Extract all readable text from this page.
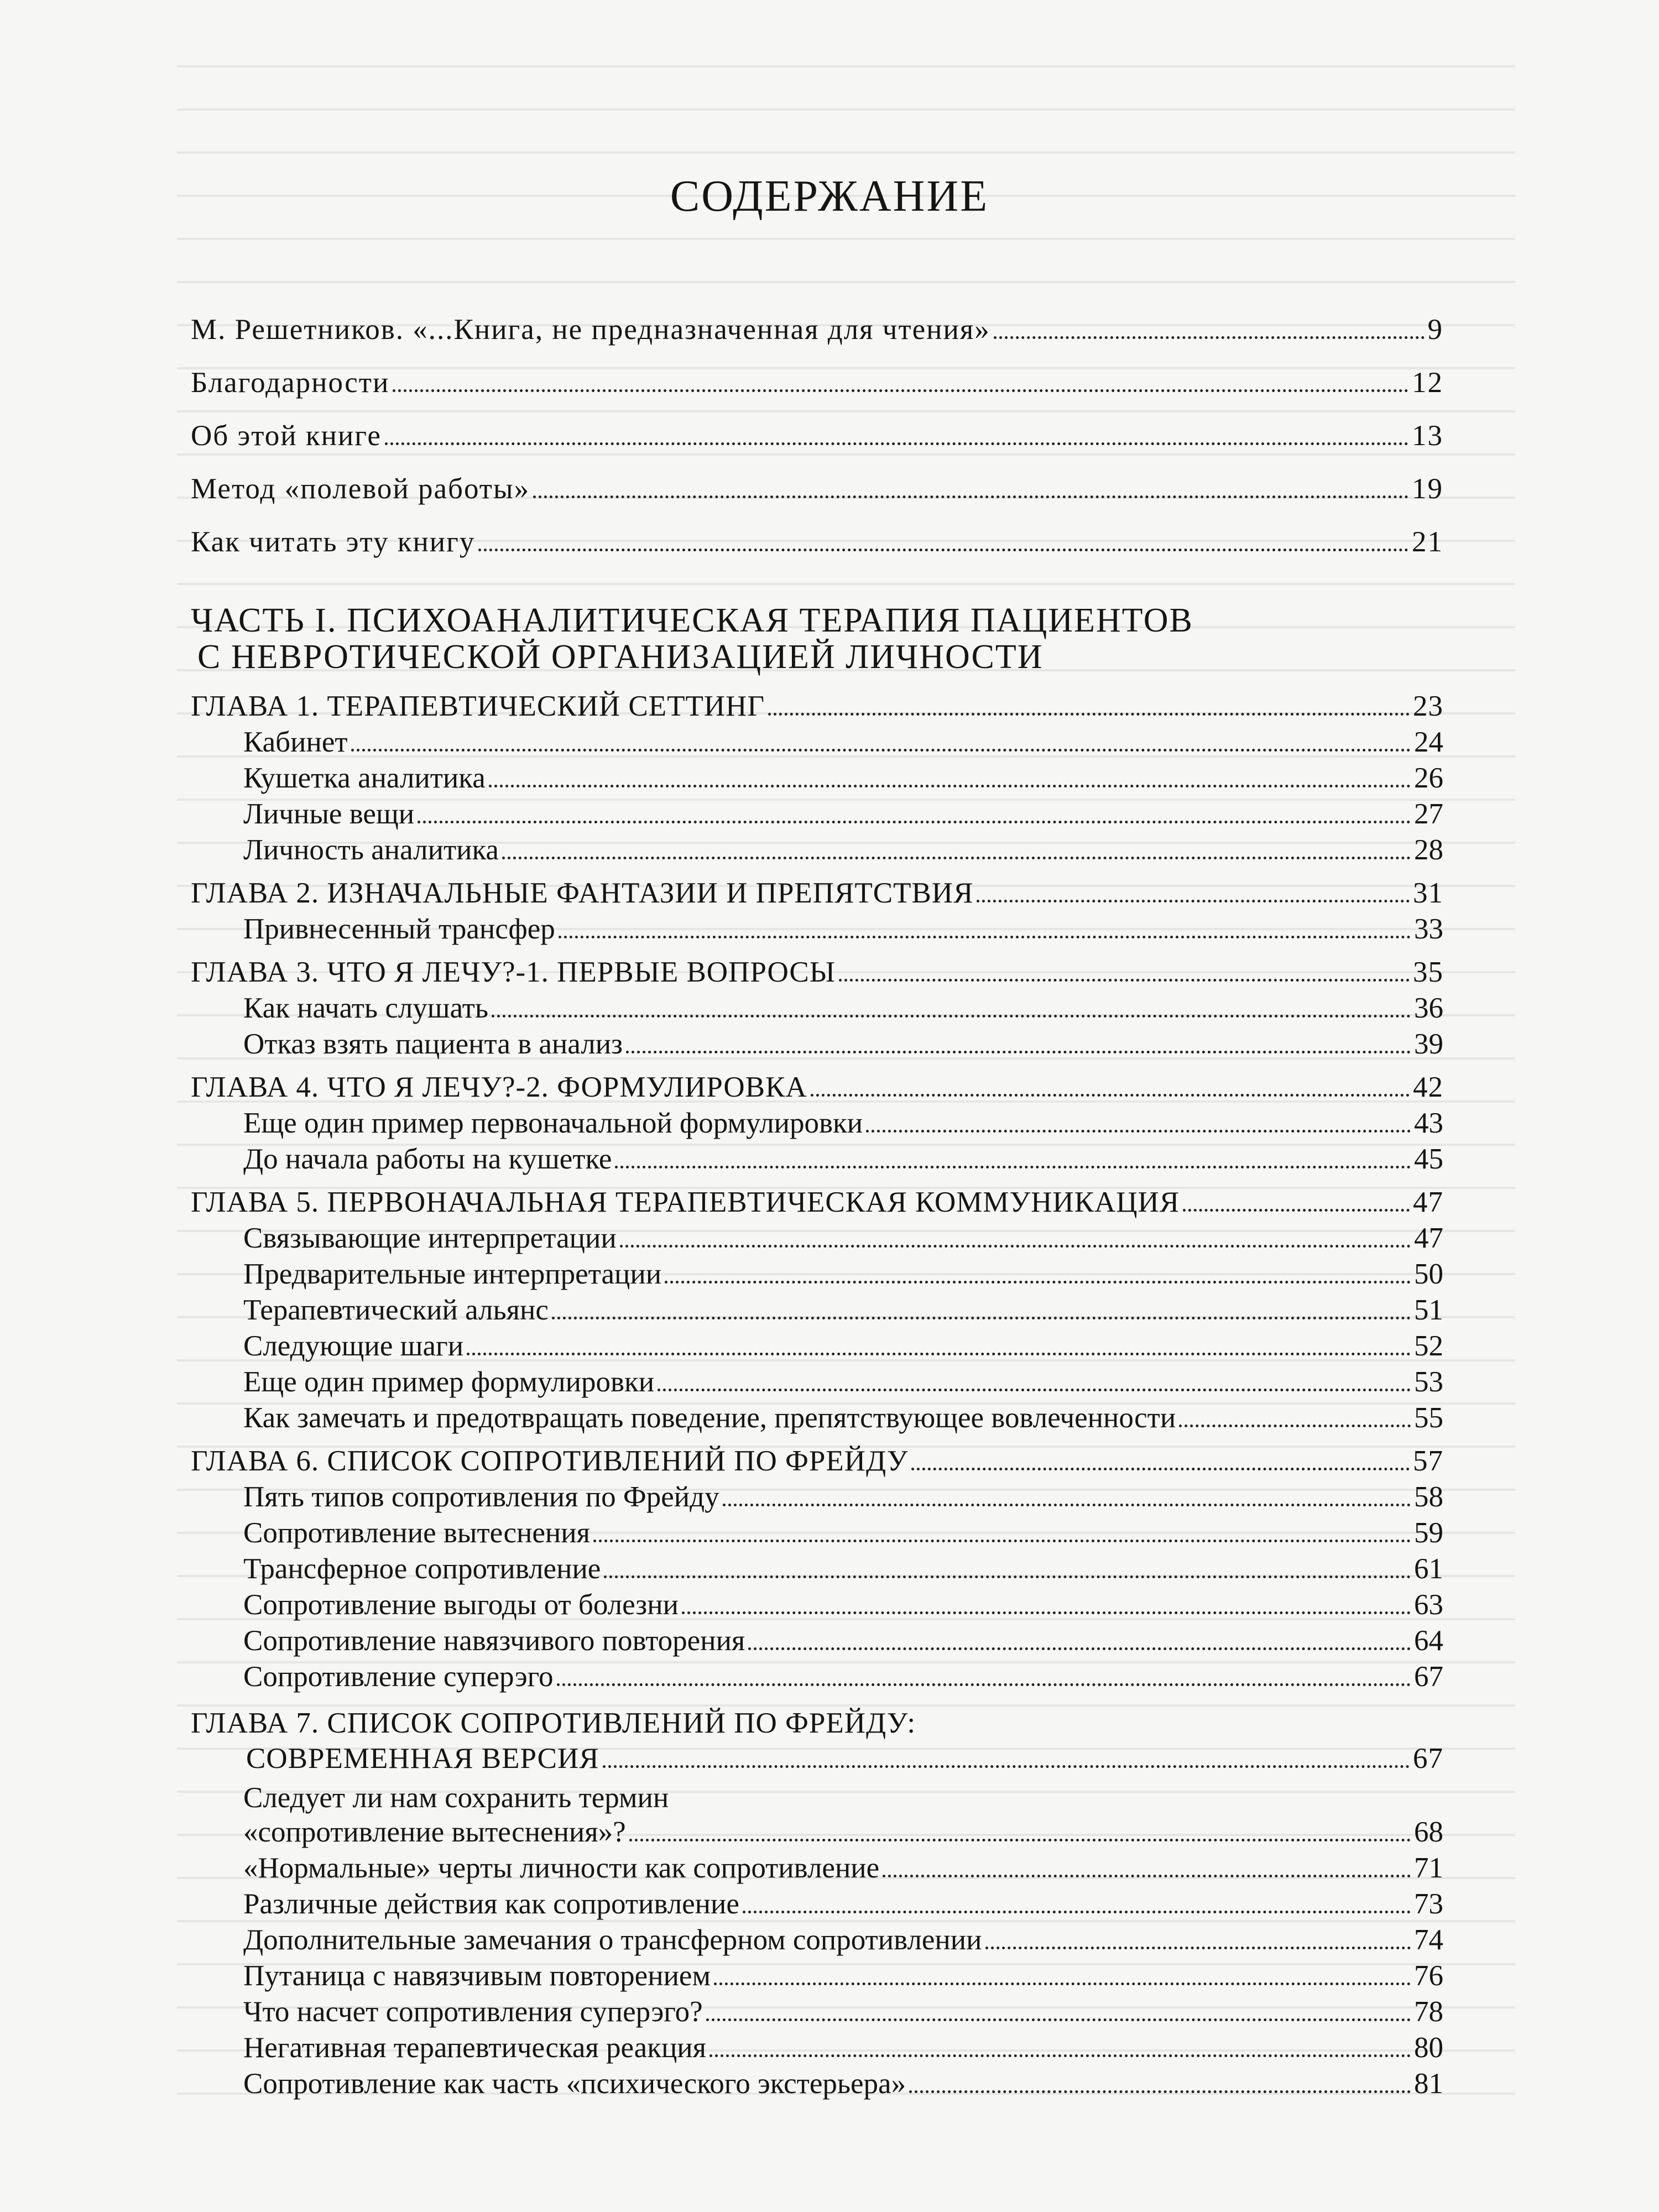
СОДЕРЖАНИЕ
М. Решетников. «...Книга, не предназначенная для чтения»	9
Благодарности	12
Об этой книге	13
Метод «полевой работы»	19
Как читать эту книгу	21
ЧАСТЬ I. ПСИХОАНАЛИТИЧЕСКАЯ ТЕРАПИЯ ПАЦИЕНТОВ
С НЕВРОТИЧЕСКОЙ ОРГАНИЗАЦИЕЙ ЛИЧНОСТИ
ГЛАВА 1. ТЕРАПЕВТИЧЕСКИЙ СЕТТИНГ	23
Кабинет	24
Кушетка аналитика	26
Личные вещи	27
Личность аналитика	28
ГЛАВА 2. ИЗНАЧАЛЬНЫЕ ФАНТАЗИИ И ПРЕПЯТСТВИЯ	31
Привнесенный трансфер	33
ГЛАВА 3. ЧТО Я ЛЕЧУ?-1. ПЕРВЫЕ ВОПРОСЫ	35
Как начать слушать	36
Отказ взять пациента в анализ	39
ГЛАВА 4. ЧТО Я ЛЕЧУ?-2. ФОРМУЛИРОВКА	42
Еще один пример первоначальной формулировки	43
До начала работы на кушетке	45
ГЛАВА 5. ПЕРВОНАЧАЛЬНАЯ ТЕРАПЕВТИЧЕСКАЯ КОММУНИКАЦИЯ	47
Связывающие интерпретации	47
Предварительные интерпретации	50
Терапевтический альянс	51
Следующие шаги	52
Еще один пример формулировки	53
Как замечать и предотвращать поведение, препятствующее вовлеченности	55
ГЛАВА 6. СПИСОК СОПРОТИВЛЕНИЙ ПО ФРЕЙДУ	57
Пять типов сопротивления по Фрейду	58
Сопротивление вытеснения	59
Трансферное сопротивление	61
Сопротивление выгоды от болезни	63
Сопротивление навязчивого повторения	64
Сопротивление суперэго	67
ГЛАВА 7. СПИСОК СОПРОТИВЛЕНИЙ ПО ФРЕЙДУ:
СОВРЕМЕННАЯ ВЕРСИЯ	67
Следует ли нам сохранить термин
«сопротивление вытеснения»?	68
«Нормальные» черты личности как сопротивление	71
Различные действия как сопротивление	73
Дополнительные замечания о трансферном сопротивлении	74
Путаница с навязчивым повторением	76
Что насчет сопротивления суперэго?	78
Негативная терапевтическая реакция	80
Сопротивление как часть «психического экстерьера»	81
